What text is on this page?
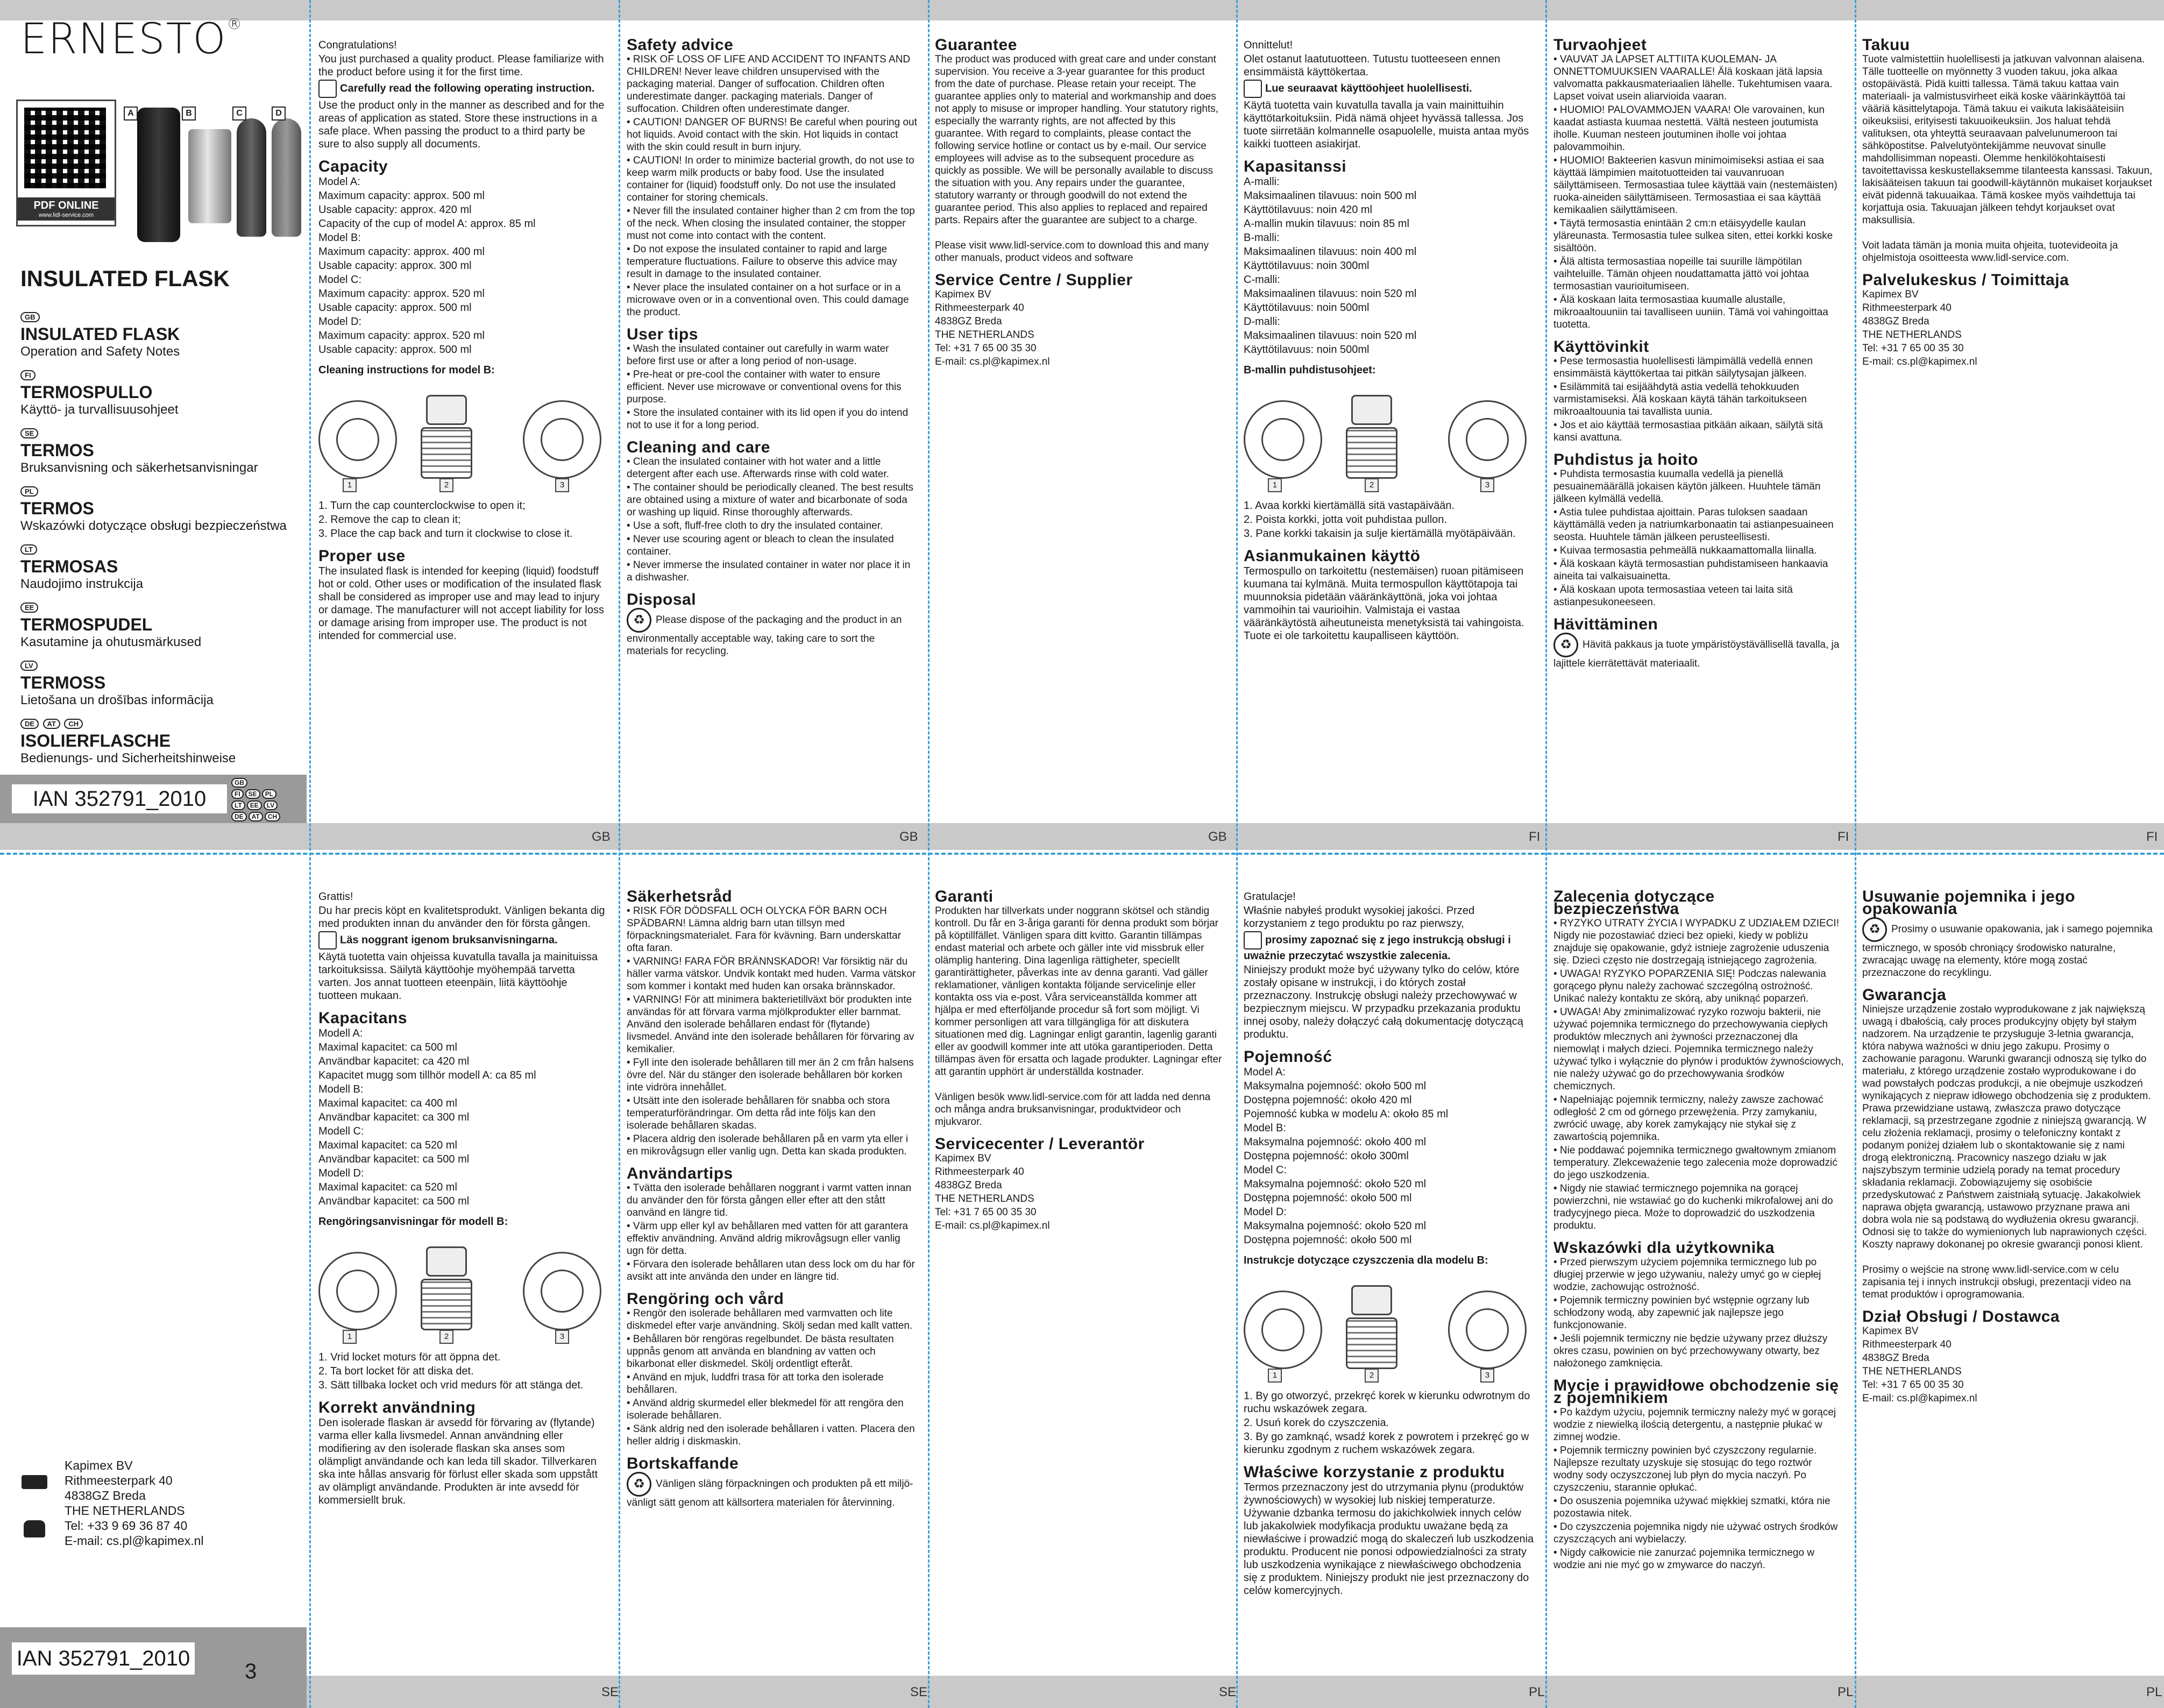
GB	GB	GB	FI	FI	FI
SE	SE	SE	PL	PL	PL
ERNESTO®
PDF ONLINE
www.lidl-service.com
A	B	C	D
INSULATED FLASK
GB
INSULATED FLASK
Operation and Safety Notes
FI
TERMOSPULLO
Käyttö- ja turvallisuusohjeet
SE
TERMOS
Bruksanvisning och säkerhetsanvisningar
PL
TERMOS
Wskazówki dotyczące obsługi bezpieczeństwa
LT
TERMOSAS
Naudojimo instrukcija
EE
TERMOSPUDEL
Kasutamine ja ohutusmärkused
LV
TERMOSS
Lietošana un drošības informācija
DE AT CH
ISOLIERFLASCHE
Bedienungs- und Sicherheitshinweise
IAN 352791_2010
GB
FI SE PL
LT EE LV
DE AT CH
Kapimex BV
Rithmeesterpark 40
4838GZ Breda
THE NETHERLANDS
Tel: +33 9 69 36 87 40
E-mail: cs.pl@kapimex.nl
IAN 352791_2010
3

Congratulations!

You just purchased a quality product. Please familiarize with the product before using it for the first time.

Carefully read the following operating instruction.

Use the product only in the manner as described and for the areas of application as stated. Store these instructions in a safe place. When passing the product to a third party be sure to also supply all documents.

Capacity

Model A:

Maximum capacity: approx. 500 ml

Usable capacity: approx. 420 ml

Capacity of the cup of model A: approx. 85 ml

Model B:

Maximum capacity: approx. 400 ml

Usable capacity: approx. 300 ml

Model C:

Maximum capacity: approx. 520 ml

Usable capacity: approx. 500 ml

Model D:

Maximum capacity: approx. 520 ml

Usable capacity: approx. 500 ml

Cleaning instructions for model B:

1	2	3

1. Turn the cap counterclockwise to open it;

2. Remove the cap to clean it;

3. Place the cap back and turn it clockwise to close it.

Proper use

The insulated flask is intended for keeping (liquid) foodstuff hot or cold. Other uses or modification of the insulated flask shall be considered as improper use and may lead to injury or damage. The manufacturer will not accept liability for loss or damage arising from improper use. The product is not intended for commercial use.

Safety advice

• RISK OF LOSS OF LIFE AND ACCIDENT TO INFANTS AND CHILDREN! Never leave children unsupervised with the packaging material. Danger of suffocation. Children often underestimate danger. packaging materials. Danger of suffocation. Children often underestimate danger.

• CAUTION! DANGER OF BURNS! Be careful when pouring out hot liquids. Avoid contact with the skin. Hot liquids in contact with the skin could result in burn injury.

• CAUTION! In order to minimize bacterial growth, do not use to keep warm milk products or baby food. Use the insulated container for (liquid) foodstuff only. Do not use the insulated container for storing chemicals.

• Never fill the insulated container higher than 2 cm from the top of the neck. When closing the insulated container, the stopper must not come into contact with the content.

• Do not expose the insulated container to rapid and large temperature fluctuations. Failure to observe this advice may result in damage to the insulated container.

• Never place the insulated container on a hot surface or in a microwave oven or in a conventional oven. This could damage the product.

User tips

• Wash the insulated container out carefully in warm water before first use or after a long period of non-usage.

• Pre-heat or pre-cool the container with water to ensure efficient. Never use microwave or conventional ovens for this purpose.

• Store the insulated container with its lid open if you do intend not to use it for a long period.

Cleaning and care

• Clean the insulated container with hot water and a little detergent after each use. Afterwards rinse with cold water.

• The container should be periodically cleaned. The best results are obtained using a mixture of water and bicarbonate of soda or washing up liquid. Rinse thoroughly afterwards.

• Use a soft, fluff-free cloth to dry the insulated container.

• Never use scouring agent or bleach to clean the insulated container.

• Never immerse the insulated container in water nor place it in a dishwasher.

Disposal

♻ Please dispose of the packaging and the product in an environmentally acceptable way, taking care to sort the materials for recycling.

Guarantee

The product was produced with great care and under constant supervision. You receive a 3-year guarantee for this product from the date of purchase. Please retain your receipt. The guarantee applies only to material and workmanship and does not apply to misuse or improper handling. Your statutory rights, especially the warranty rights, are not affected by this guarantee. With regard to complaints, please contact the following service hotline or contact us by e-mail. Our service employees will advise as to the subsequent procedure as quickly as possible. We will be personally available to discuss the situation with you. Any repairs under the guarantee, statutory warranty or through goodwill do not extend the guarantee period. This also applies to replaced and repaired parts. Repairs after the guarantee are subject to a charge.

Please visit www.lidl-service.com to download this and many other manuals, product videos and software

Service Centre / Supplier

Kapimex BV

Rithmeesterpark 40

4838GZ Breda

THE NETHERLANDS

Tel: +31 7 65 00 35 30

E-mail: cs.pl@kapimex.nl

Onnittelut!

Olet ostanut laatutuotteen. Tutustu tuotteeseen ennen ensimmäistä käyttökertaa.

Lue seuraavat käyttöohjeet huolellisesti.

Käytä tuotetta vain kuvatulla tavalla ja vain mainittuihin käyttötarkoituksiin. Pidä nämä ohjeet hyvässä tallessa. Jos tuote siirretään kolmannelle osapuolelle, muista antaa myös kaikki tuotteen asiakirjat.

Kapasitanssi

A-malli:

Maksimaalinen tilavuus: noin 500 ml

Käyttötilavuus: noin 420 ml

A-mallin mukin tilavuus: noin 85 ml

B-malli:

Maksimaalinen tilavuus: noin 400 ml

Käyttötilavuus: noin 300ml

C-malli:

Maksimaalinen tilavuus: noin 520 ml

Käyttötilavuus: noin 500ml

D-malli:

Maksimaalinen tilavuus: noin 520 ml

Käyttötilavuus: noin 500ml

B-mallin puhdistusohjeet:

1	2	3

1. Avaa korkki kiertämällä sitä vastapäivään.

2. Poista korkki, jotta voit puhdistaa pullon.

3. Pane korkki takaisin ja sulje kiertämällä myötäpäivään.

Asianmukainen käyttö

Termospullo on tarkoitettu (nestemäisen) ruoan pitämiseen kuumana tai kylmänä. Muita termospullon käyttötapoja tai muunnoksia pidetään vääränkäyttönä, joka voi johtaa vammoihin tai vaurioihin. Valmistaja ei vastaa vääränkäytöstä aiheutuneista menetyksistä tai vahingoista. Tuote ei ole tarkoitettu kaupalliseen käyttöön.

Turvaohjeet

• VAUVAT JA LAPSET ALTTIITA KUOLEMAN- JA ONNETTOMUUKSIEN VAARALLE! Älä koskaan jätä lapsia valvomatta pakkausmateriaalien lähelle. Tukehtumisen vaara. Lapset voivat usein aliarvioida vaaran.

• HUOMIO! PALOVAMMOJEN VAARA! Ole varovainen, kun kaadat astiasta kuumaa nestettä. Vältä nesteen joutumista iholle. Kuuman nesteen joutuminen iholle voi johtaa palovammoihin.

• HUOMIO! Bakteerien kasvun minimoimiseksi astiaa ei saa käyttää lämpimien maitotuotteiden tai vauvanruoan säilyttämiseen. Termosastiaa tulee käyttää vain (nestemäisten) ruoka-aineiden säilyttämiseen. Termosastiaa ei saa käyttää kemikaalien säilyttämiseen.

• Täytä termosastia enintään 2 cm:n etäisyydelle kaulan yläreunasta. Termosastia tulee sulkea siten, ettei korkki koske sisältöön.

• Älä altista termosastiaa nopeille tai suurille lämpötilan vaihteluille. Tämän ohjeen noudattamatta jättö voi johtaa termosastian vaurioitumiseen.

• Älä koskaan laita termosastiaa kuumalle alustalle, mikroaaltouuniin tai tavalliseen uuniin. Tämä voi vahingoittaa tuotetta.

Käyttövinkit

• Pese termosastia huolellisesti lämpimällä vedellä ennen ensimmäistä käyttökertaa tai pitkän säilytysajan jälkeen.

• Esilämmitä tai esijäähdytä astia vedellä tehokkuuden varmistamiseksi. Älä koskaan käytä tähän tarkoitukseen mikroaaltouunia tai tavallista uunia.

• Jos et aio käyttää termosastiaa pitkään aikaan, säilytä sitä kansi avattuna.

Puhdistus ja hoito

• Puhdista termosastia kuumalla vedellä ja pienellä pesuainemäärällä jokaisen käytön jälkeen. Huuhtele tämän jälkeen kylmällä vedellä.

• Astia tulee puhdistaa ajoittain. Paras tuloksen saadaan käyttämällä veden ja natriumkarbonaatin tai astianpesuaineen seosta. Huuhtele tämän jälkeen perusteellisesti.

• Kuivaa termosastia pehmeällä nukkaamattomalla liinalla.

• Älä koskaan käytä termosastian puhdistamiseen hankaavia aineita tai valkaisuainetta.

• Älä koskaan upota termosastiaa veteen tai laita sitä astianpesukoneeseen.

Hävittäminen

♻ Hävitä pakkaus ja tuote ympäristöystävällisellä tavalla, ja lajittele kierrätettävät materiaalit.

Takuu

Tuote valmistettiin huolellisesti ja jatkuvan valvonnan alaisena. Tälle tuotteelle on myönnetty 3 vuoden takuu, joka alkaa ostopäivästä. Pidä kuitti tallessa. Tämä takuu kattaa vain materiaali- ja valmistusvirheet eikä koske väärinkäyttöä tai vääriä käsittelytapoja. Tämä takuu ei vaikuta lakisääteisiin oikeuksiisi, erityisesti takuuoikeuksiin. Jos haluat tehdä valituksen, ota yhteyttä seuraavaan palvelunumeroon tai sähköpostitse. Palvelutyöntekijämme neuvovat sinulle mahdollisimman nopeasti. Olemme henkilökohtaisesti tavoitettavissa keskustellaksemme tilanteesta kanssasi. Takuun, lakisääteisen takuun tai goodwill-käytännön mukaiset korjaukset eivät pidennä takuuaikaa. Tämä koskee myös vaihdettuja tai korjattuja osia. Takuuajan jälkeen tehdyt korjaukset ovat maksullisia.

Voit ladata tämän ja monia muita ohjeita, tuotevideoita ja ohjelmistoja osoitteesta www.lidl-service.com.

Palvelukeskus / Toimittaja

Kapimex BV

Rithmeesterpark 40

4838GZ Breda

THE NETHERLANDS

Tel: +31 7 65 00 35 30

E-mail: cs.pl@kapimex.nl

Grattis!

Du har precis köpt en kvalitetsprodukt. Vänligen bekanta dig med produkten innan du använder den för första gången.

Läs noggrant igenom bruksanvisningarna.

Käytä tuotetta vain ohjeissa kuvatulla tavalla ja mainituissa tarkoituksissa. Säilytä käyttöohje myöhempää tarvetta varten. Jos annat tuotteen eteenpäin, liitä käyttöohje tuotteen mukaan.

Kapacitans

Modell A:

Maximal kapacitet: ca 500 ml

Användbar kapacitet: ca 420 ml

Kapacitet mugg som tillhör modell A: ca 85 ml

Modell B:

Maximal kapacitet: ca 400 ml

Användbar kapacitet: ca 300 ml

Modell C:

Maximal kapacitet: ca 520 ml

Användbar kapacitet: ca 500 ml

Modell D:

Maximal kapacitet: ca 520 ml

Användbar kapacitet: ca 500 ml

Rengöringsanvisningar för modell B:

1	2	3

1. Vrid locket moturs för att öppna det.

2. Ta bort locket för att diska det.

3. Sätt tillbaka locket och vrid medurs för att stänga det.

Korrekt användning

Den isolerade flaskan är avsedd för förvaring av (flytande) varma eller kalla livsmedel. Annan användning eller modifiering av den isolerade flaskan ska anses som olämpligt användande och kan leda till skador. Tillverkaren ska inte hållas ansvarig för förlust eller skada som uppstått av olämpligt användande. Produkten är inte avsedd för kommersiellt bruk.

Säkerhetsråd

• RISK FÖR DÖDSFALL OCH OLYCKA FÖR BARN OCH SPÄDBARN! Lämna aldrig barn utan tillsyn med förpackningsmaterialet. Fara för kvävning. Barn underskattar ofta faran.

• VARNING! FARA FÖR BRÄNNSKADOR! Var försiktig när du häller varma vätskor. Undvik kontakt med huden. Varma vätskor som kommer i kontakt med huden kan orsaka brännskador.

• VARNING! För att minimera bakterietillväxt bör produkten inte användas för att förvara varma mjölkprodukter eller barnmat. Använd den isolerade behållaren endast för (flytande) livsmedel. Använd inte den isolerade behållaren för förvaring av kemikalier.

• Fyll inte den isolerade behållaren till mer än 2 cm från halsens övre del. När du stänger den isolerade behållaren bör korken inte vidröra innehållet.

• Utsätt inte den isolerade behållaren för snabba och stora temperaturförändringar. Om detta råd inte följs kan den isolerade behållaren skadas.

• Placera aldrig den isolerade behållaren på en varm yta eller i en mikrovågsugn eller vanlig ugn. Detta kan skada produkten.

Användartips

• Tvätta den isolerade behållaren noggrant i varmt vatten innan du använder den för första gången eller efter att den stått oanvänd en längre tid.

• Värm upp eller kyl av behållaren med vatten för att garantera effektiv användning. Använd aldrig mikrovågsugn eller vanlig ugn för detta.

• Förvara den isolerade behållaren utan dess lock om du har för avsikt att inte använda den under en längre tid.

Rengöring och vård

• Rengör den isolerade behållaren med varmvatten och lite diskmedel efter varje användning. Skölj sedan med kallt vatten.

• Behållaren bör rengöras regelbundet. De bästa resultaten uppnås genom att använda en blandning av vatten och bikarbonat eller diskmedel. Skölj ordentligt efteråt.

• Använd en mjuk, luddfri trasa för att torka den isolerade behållaren.

• Använd aldrig skurmedel eller blekmedel för att rengöra den isolerade behållaren.

• Sänk aldrig ned den isolerade behållaren i vatten. Placera den heller aldrig i diskmaskin.

Bortskaffande

♻ Vänligen släng förpackningen och produkten på ett miljö-vänligt sätt genom att källsortera materialen för återvinning.

Garanti

Produkten har tillverkats under noggrann skötsel och ständig kontroll. Du får en 3-åriga garanti för denna produkt som börjar på köptillfället. Vänligen spara ditt kvitto. Garantin tillämpas endast material och arbete och gäller inte vid missbruk eller olämplig hantering. Dina lagenliga rättigheter, speciellt garantirättigheter, påverkas inte av denna garanti. Vad gäller reklamationer, vänligen kontakta följande servicelinje eller kontakta oss via e-post. Våra serviceanställda kommer att hjälpa er med efterföljande procedur så fort som möjligt. Vi kommer personligen att vara tillgängliga för att diskutera situationen med dig. Lagningar enligt garantin, lagenlig garanti eller av goodwill kommer inte att utöka garantiperioden. Detta tillämpas även för ersatta och lagade produkter. Lagningar efter att garantin upphört är underställda kostnader.

Vänligen besök www.lidl-service.com för att ladda ned denna och många andra bruksanvisningar, produktvideor och mjukvaror.

Servicecenter / Leverantör

Kapimex BV

Rithmeesterpark 40

4838GZ Breda

THE NETHERLANDS

Tel: +31 7 65 00 35 30

E-mail: cs.pl@kapimex.nl

Gratulacje!

Właśnie nabyłeś produkt wysokiej jakości. Przed korzystaniem z tego produktu po raz pierwszy,

prosimy zapoznać się z jego instrukcją obsługi i uważnie przeczytać wszystkie zalecenia.

Niniejszy produkt może być używany tylko do celów, które zostały opisane w instrukcji, i do których został przeznaczony. Instrukcję obsługi należy przechowywać w bezpiecznym miejscu. W przypadku przekazania produktu innej osoby, należy dołączyć całą dokumentację dotyczącą produktu.

Pojemność

Model A:

Maksymalna pojemność: około 500 ml

Dostępna pojemność: około 420 ml

Pojemność kubka w modelu A: około 85 ml

Model B:

Maksymalna pojemność: około 400 ml

Dostępna pojemność: około 300ml

Model C:

Maksymalna pojemność: około 520 ml

Dostępna pojemność: około 500 ml

Model D:

Maksymalna pojemność: około 520 ml

Dostępna pojemność: około 500 ml

Instrukcje dotyczące czyszczenia dla modelu B:

1	2	3

1. By go otworzyć, przekręć korek w kierunku odwrotnym do ruchu wskazówek zegara.

2. Usuń korek do czyszczenia.

3. By go zamknąć, wsadź korek z powrotem i przekręć go w kierunku zgodnym z ruchem wskazówek zegara.

Właściwe korzystanie z produktu

Termos przeznaczony jest do utrzymania płynu (produktów żywnościowych) w wysokiej lub niskiej temperaturze. Używanie dzbanka termosu do jakichkolwiek innych celów lub jakakolwiek modyfikacja produktu uważane będą za niewłaściwe i prowadzić mogą do skaleczeń lub uszkodzenia produktu. Producent nie ponosi odpowiedzialności za straty lub uszkodzenia wynikające z niewłaściwego obchodzenia się z produktem. Niniejszy produkt nie jest przeznaczony do celów komercyjnych.

Zalecenia dotyczące bezpieczeństwa

• RYZYKO UTRATY ŻYCIA I WYPADKU Z UDZIAŁEM DZIECI! Nigdy nie pozostawiać dzieci bez opieki, kiedy w pobliżu znajduje się opakowanie, gdyż istnieje zagrożenie uduszenia się. Dzieci często nie dostrzegają istniejącego zagrożenia.

• UWAGA! RYZYKO POPARZENIA SIĘ! Podczas nalewania gorącego płynu należy zachować szczególną ostrożność. Unikać należy kontaktu ze skórą, aby uniknąć poparzeń.

• UWAGA! Aby zminimalizować ryzyko rozwoju bakterii, nie używać pojemnika termicznego do przechowywania ciepłych produktów mlecznych ani żywności przeznaczonej dla niemowląt i małych dzieci. Pojemnika termicznego należy używać tylko i wyłącznie do płynów i produktów żywnościowych, nie należy używać go do przechowywania środków chemicznych.

• Napełniając pojemnik termiczny, należy zawsze zachować odległość 2 cm od górnego przewężenia. Przy zamykaniu, zwrócić uwagę, aby korek zamykający nie stykał się z zawartością pojemnika.

• Nie poddawać pojemnika termicznego gwałtownym zmianom temperatury. Zlekceważenie tego zalecenia może doprowadzić do jego uszkodzenia.

• Nigdy nie stawiać termicznego pojemnika na gorącej powierzchni, nie wstawiać go do kuchenki mikrofalowej ani do tradycyjnego pieca. Może to doprowadzić do uszkodzenia produktu.

Wskazówki dla użytkownika

• Przed pierwszym użyciem pojemnika termicznego lub po długiej przerwie w jego używaniu, należy umyć go w ciepłej wodzie, zachowując ostrożność.

• Pojemnik termiczny powinien być wstępnie ogrzany lub schłodzony wodą, aby zapewnić jak najlepsze jego funkcjonowanie.

• Jeśli pojemnik termiczny nie będzie używany przez dłuższy okres czasu, powinien on być przechowywany otwarty, bez nałożonego zamknięcia.

Mycie i prawidłowe obchodzenie się z pojemnikiem

• Po każdym użyciu, pojemnik termiczny należy myć w gorącej wodzie z niewielką ilością detergentu, a następnie płukać w zimnej wodzie.

• Pojemnik termiczny powinien być czyszczony regularnie. Najlepsze rezultaty uzyskuje się stosując do tego roztwór wodny sody oczyszczonej lub płyn do mycia naczyń. Po czyszczeniu, starannie opłukać.

• Do osuszenia pojemnika używać miękkiej szmatki, która nie pozostawia nitek.

• Do czyszczenia pojemnika nigdy nie używać ostrych środków czyszczących ani wybielaczy.

• Nigdy całkowicie nie zanurzać pojemnika termicznego w wodzie ani nie myć go w zmywarce do naczyń.

Usuwanie pojemnika i jego opakowania

♻ Prosimy o usuwanie opakowania, jak i samego pojemnika termicznego, w sposób chroniący środowisko naturalne, zwracając uwagę na elementy, które mogą zostać przeznaczone do recyklingu.

Gwarancja

Niniejsze urządzenie zostało wyprodukowane z jak największą uwagą i dbałością, cały proces produkcyjny objęty był stałym nadzorem. Na urządzenie te przysługuje 3-letnia gwarancja, która nabywa ważności w dniu jego zakupu. Prosimy o zachowanie paragonu. Warunki gwarancji odnoszą się tylko do materiału, z którego urządzenie zostało wyprodukowane i do wad powstałych podczas produkcji, a nie obejmuje uszkodzeń wynikających z niepraw idłowego obchodzenia się z produktem. Prawa przewidziane ustawą, zwłaszcza prawo dotyczące reklamacji, są przestrzegane zgodnie z niniejszą gwarancją. W celu złożenia reklamacji, prosimy o telefoniczny kontakt z podanym poniżej działem lub o skontaktowanie się z nami drogą elektroniczną. Pracownicy naszego działu w jak najszybszym terminie udzielą porady na temat procedury składania reklamacji. Zobowiązujemy się osobiście przedyskutować z Państwem zaistniałą sytuację. Jakakolwiek naprawa objęta gwarancją, ustawowo przyznane prawa ani dobra wola nie są podstawą do wydłużenia okresu gwarancji. Odnosi się to także do wymienionych lub naprawionych części. Koszty naprawy dokonanej po okresie gwarancji ponosi klient.

Prosimy o wejście na stronę www.lidl-service.com w celu zapisania tej i innych instrukcji obsługi, prezentacji video na temat produktów i oprogramowania.

Dział Obsługi / Dostawca

Kapimex BV

Rithmeesterpark 40

4838GZ Breda

THE NETHERLANDS

Tel: +31 7 65 00 35 30

E-mail: cs.pl@kapimex.nl
